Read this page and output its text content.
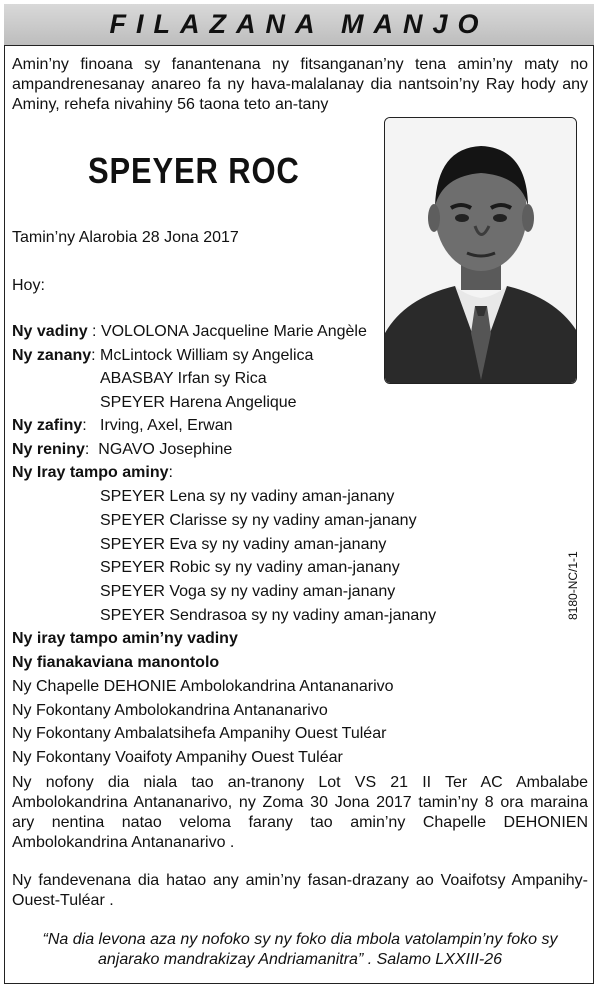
FILAZANA MANJO
Amin’ny finoana sy fanantenana ny fitsanganan’ny tena amin’ny maty no ampandrenesanay anareo fa ny hava-malalanay dia nantsoin’ny Ray hody any Aminy, rehefa nivahiny 56 taona teto an-tany
SPEYER ROC
Tamin’ny Alarobia 28 Jona 2017
Hoy:
Ny vadiny : VOLOLONA Jacqueline Marie Angèle
Ny zanany: McLintock William sy Angelica
ABASBAY Irfan sy Rica
SPEYER Harena Angelique
Ny zafiny:   Irving, Axel, Erwan
Ny reniny:  NGAVO Josephine
Ny Iray tampo aminy:
SPEYER Lena sy ny vadiny aman-janany
SPEYER Clarisse sy ny vadiny aman-janany
SPEYER Eva sy ny vadiny aman-janany
SPEYER Robic sy ny vadiny aman-janany
SPEYER Voga sy ny vadiny aman-janany
SPEYER Sendrasoa sy ny vadiny aman-janany
Ny iray tampo amin’ny vadiny
Ny fianakaviana manontolo
Ny Chapelle DEHONIE Ambolokandrina Antananarivo
Ny Fokontany Ambolokandrina Antananarivo
Ny Fokontany Ambalatsihefa Ampanihy Ouest Tuléar
Ny Fokontany Voaifoty Ampanihy Ouest Tuléar
Ny nofony dia niala tao an-tranony Lot VS 21 II Ter AC Ambalabe Ambolokandrina Antananarivo, ny Zoma 30 Jona 2017 tamin’ny 8 ora maraina ary nentina natao veloma farany tao amin’ny Chapelle DEHONIEN Ambolokandrina Antananarivo .
Ny fandevenana dia hatao any amin’ny fasan-drazany ao Voaifotsy Ampanihy-Ouest-Tuléar .
“Na dia levona aza ny nofoko sy ny foko dia mbola vatolampin’ny foko sy anjarako mandrakizay Andriamanitra” . Salamo LXXIII-26
8180-NC/1-1
